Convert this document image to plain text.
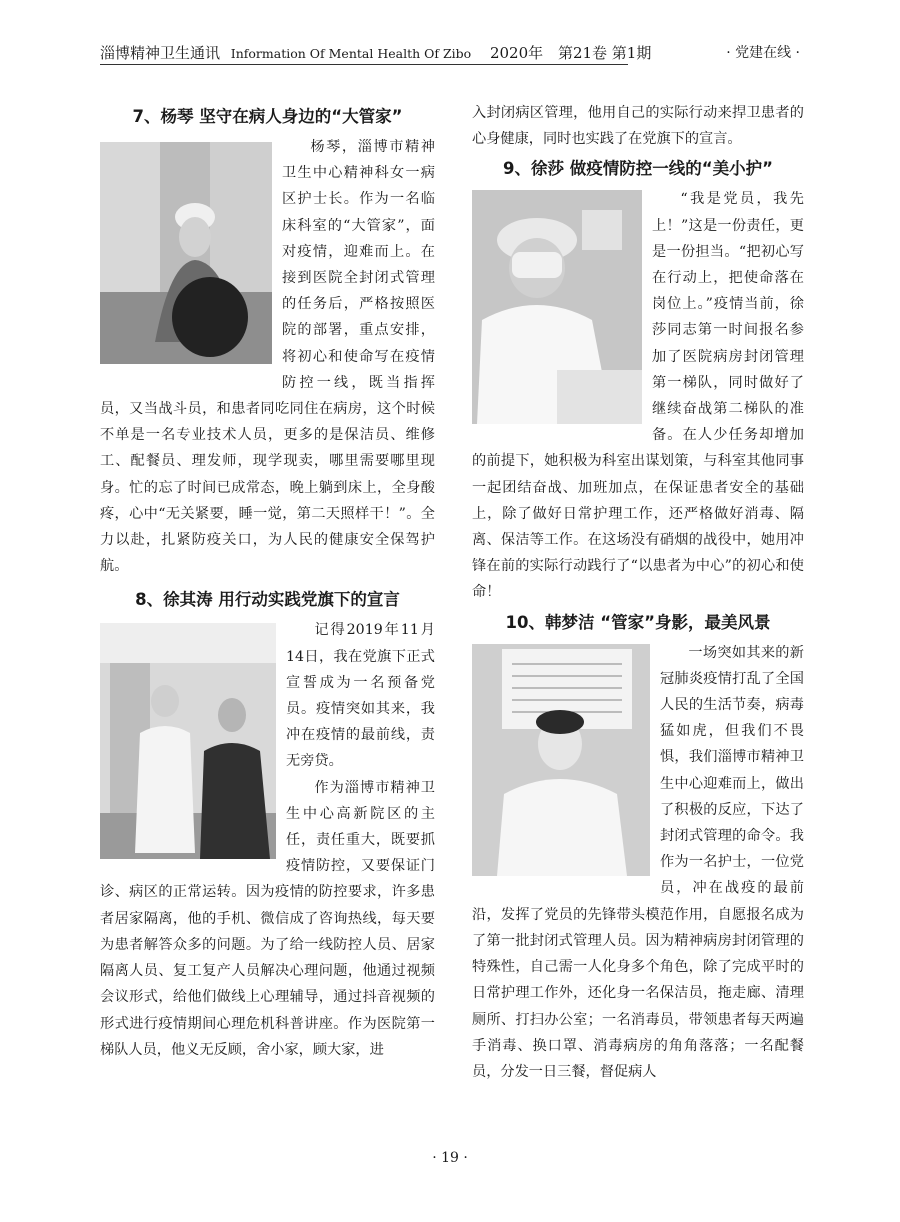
淄博精神卫生通讯 Information Of Mental Health Of Zibo 2020年 第21卷 第1期	· 党建在线 ·
7、杨琴 坚守在病人身边的“大管家”

杨琴，淄博市精神卫生中心精神科女一病区护士长。作为一名临床科室的“大管家”，面对疫情，迎难而上。在接到医院全封闭式管理的任务后，严格按照医院的部署，重点安排，将初心和使命写在疫情防控一线，既当指挥员，又当战斗员，和患者同吃同住在病房，这个时候不单是一名专业技术人员，更多的是保洁员、维修工、配餐员、理发师，现学现卖，哪里需要哪里现身。忙的忘了时间已成常态，晚上躺到床上，全身酸疼，心中“无关紧要，睡一觉，第二天照样干！”。全力以赴，扎紧防疫关口，为人民的健康安全保驾护航。

8、徐其涛 用行动实践党旗下的宣言

记得2019年11月14日，我在党旗下正式宣誓成为一名预备党员。疫情突如其来，我冲在疫情的最前线，责无旁贷。

作为淄博市精神卫生中心高新院区的主任，责任重大，既要抓疫情防控，又要保证门诊、病区的正常运转。因为疫情的防控要求，许多患者居家隔离，他的手机、微信成了咨询热线，每天要为患者解答众多的问题。为了给一线防控人员、居家隔离人员、复工复产人员解决心理问题，他通过视频会议形式，给他们做线上心理辅导，通过抖音视频的形式进行疫情期间心理危机科普讲座。作为医院第一梯队人员，他义无反顾，舍小家，顾大家，进

入封闭病区管理，他用自己的实际行动来捍卫患者的心身健康，同时也实践了在党旗下的宣言。

9、徐莎 做疫情防控一线的“美小护”

“我是党员，我先上！”这是一份责任，更是一份担当。“把初心写在行动上，把使命落在岗位上。”疫情当前，徐莎同志第一时间报名参加了医院病房封闭管理第一梯队，同时做好了继续奋战第二梯队的准备。在人少任务却增加的前提下，她积极为科室出谋划策，与科室其他同事一起团结奋战、加班加点，在保证患者安全的基础上，除了做好日常护理工作，还严格做好消毒、隔离、保洁等工作。在这场没有硝烟的战役中，她用冲锋在前的实际行动践行了“以患者为中心”的初心和使命！

10、韩梦洁 “管家”身影，最美风景

一场突如其来的新冠肺炎疫情打乱了全国人民的生活节奏，病毒猛如虎，但我们不畏惧，我们淄博市精神卫生中心迎难而上，做出了积极的反应，下达了封闭式管理的命令。我作为一名护士，一位党员，冲在战疫的最前沿，发挥了党员的先锋带头模范作用，自愿报名成为了第一批封闭式管理人员。因为精神病房封闭管理的特殊性，自己需一人化身多个角色，除了完成平时的日常护理工作外，还化身一名保洁员，拖走廊、清理厕所、打扫办公室；一名消毒员，带领患者每天两遍手消毒、换口罩、消毒病房的角角落落；一名配餐员，分发一日三餐，督促病人

· 19 ·
